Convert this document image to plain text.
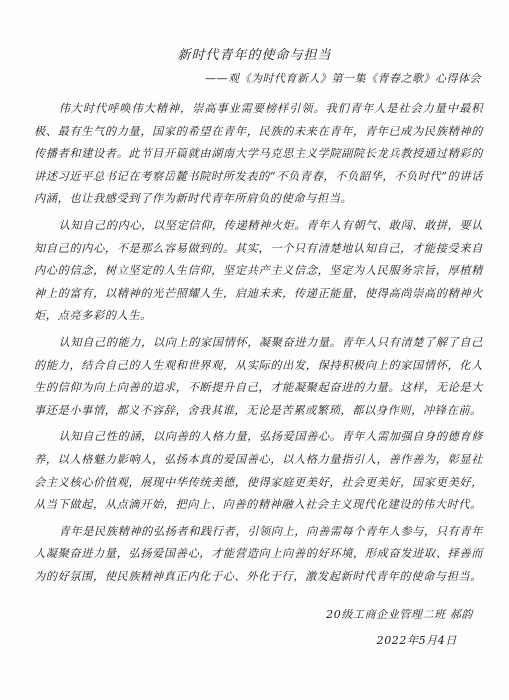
新时代青年的使命与担当
——观《为时代育新人》第一集《青春之歌》心得体会

伟大时代呼唤伟大精神，崇高事业需要榜样引领。我们青年人是社会力量中最积极、最有生气的力量，国家的希望在青年，民族的未来在青年，青年已成为民族精神的传播者和建设者。此节目开篇就由湖南大学马克思主义学院副院长龙兵教授通过精彩的讲述习近平总书记在考察岳麓书院时所发表的“不负青春，不负韶华，不负时代”的讲话内涵，也让我感受到了作为新时代青年所肩负的使命与担当。

认知自己的内心，以坚定信仰，传递精神火炬。青年人有朝气、敢闯、敢拼，要认知自己的内心，不是那么容易做到的。其实，一个只有清楚地认知自己，才能接受来自内心的信念，树立坚定的人生信仰，坚定共产主义信念，坚定为人民服务宗旨，厚植精神上的富有，以精神的光芒照耀人生，启迪未来，传递正能量，使得高尚崇高的精神火炬，点亮多彩的人生。

认知自己的能力，以向上的家国情怀，凝聚奋进力量。青年人只有清楚了解了自己的能力，结合自己的人生观和世界观，从实际的出发，保持积极向上的家国情怀，化人生的信仰为向上向善的追求，不断提升自己，才能凝聚起奋进的力量。这样，无论是大事还是小事情，都义不容辞，舍我其谁，无论是苦累或繁琐，都以身作则，冲锋在前。

认知自己性的涵，以向善的人格力量，弘扬爱国善心。青年人需加强自身的德育修养，以人格魅力影响人，弘扬本真的爱国善心，以人格力量指引人，善作善为，彰显社会主义核心价值观，展现中华传统美德，使得家庭更美好，社会更美好，国家更美好，从当下做起，从点滴开始，把向上、向善的精神融入社会主义现代化建设的伟大时代。

青年是民族精神的弘扬者和践行者，引领向上，向善需每个青年人参与，只有青年人凝聚奋进力量，弘扬爱国善心，才能营造向上向善的好环境，形成奋发进取、择善而为的好氛围，使民族精神真正内化于心、外化于行，激发起新时代青年的使命与担当。

20级工商企业管理二班 郝韵
2022年5月4日
